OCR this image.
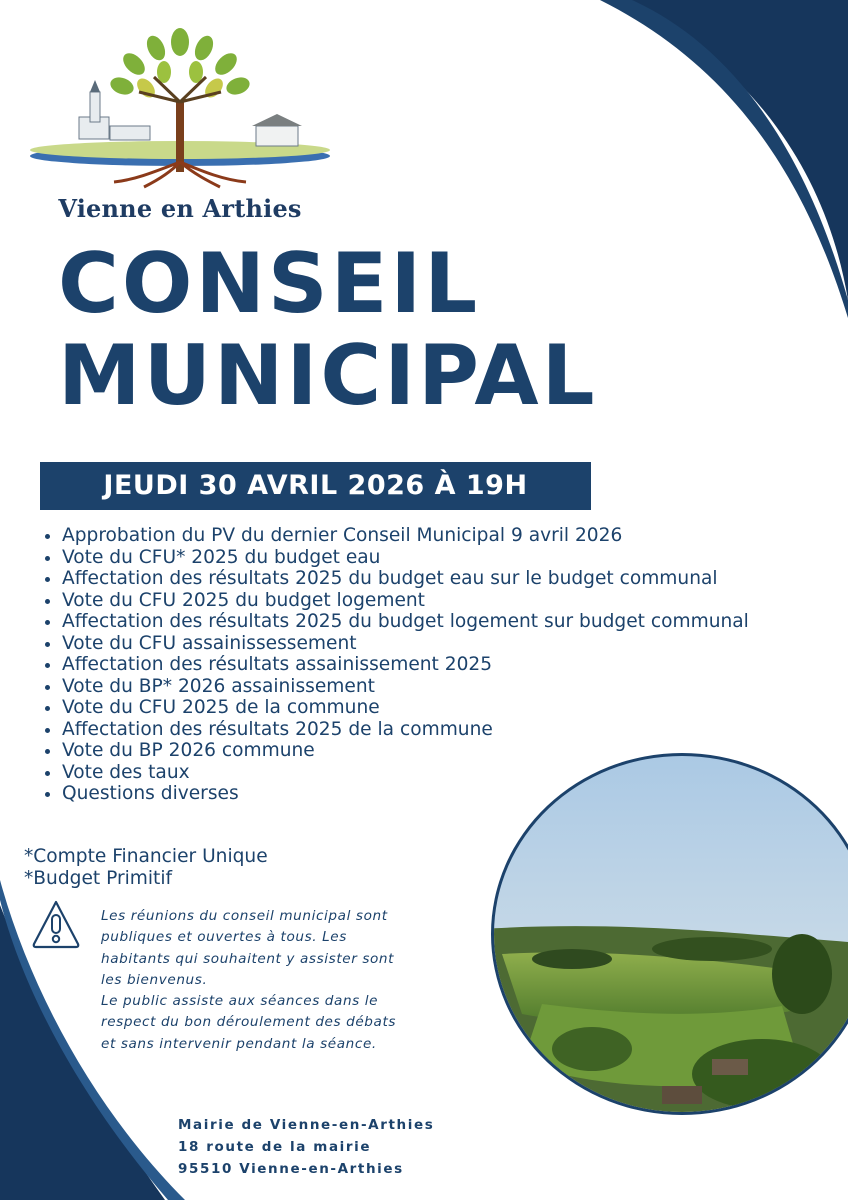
Vienne en Arthies
CONSEIL
MUNICIPAL
JEUDI 30 AVRIL 2026 À 19H
• Approbation du PV du dernier Conseil Municipal 9 avril 2026
• Vote du CFU* 2025 du budget eau
• Affectation des résultats 2025 du budget eau sur le budget communal
• Vote du CFU 2025 du budget logement
• Affectation des résultats 2025 du budget logement sur budget communal
• Vote du CFU assainissessement
• Affectation des résultats assainissement 2025
• Vote du BP* 2026 assainissement
• Vote du CFU 2025 de la commune
• Affectation des résultats 2025 de la commune
• Vote du BP 2026 commune
• Vote des taux
• Questions diverses
*Compte Financier Unique
*Budget Primitif
Les réunions du conseil municipal sont
publiques et ouvertes à tous. Les
habitants qui souhaitent y assister sont
les bienvenus.
Le public assiste aux séances dans le
respect du bon déroulement des débats
et sans intervenir pendant la séance.
Mairie de Vienne-en-Arthies
18 route de la mairie
95510 Vienne-en-Arthies
